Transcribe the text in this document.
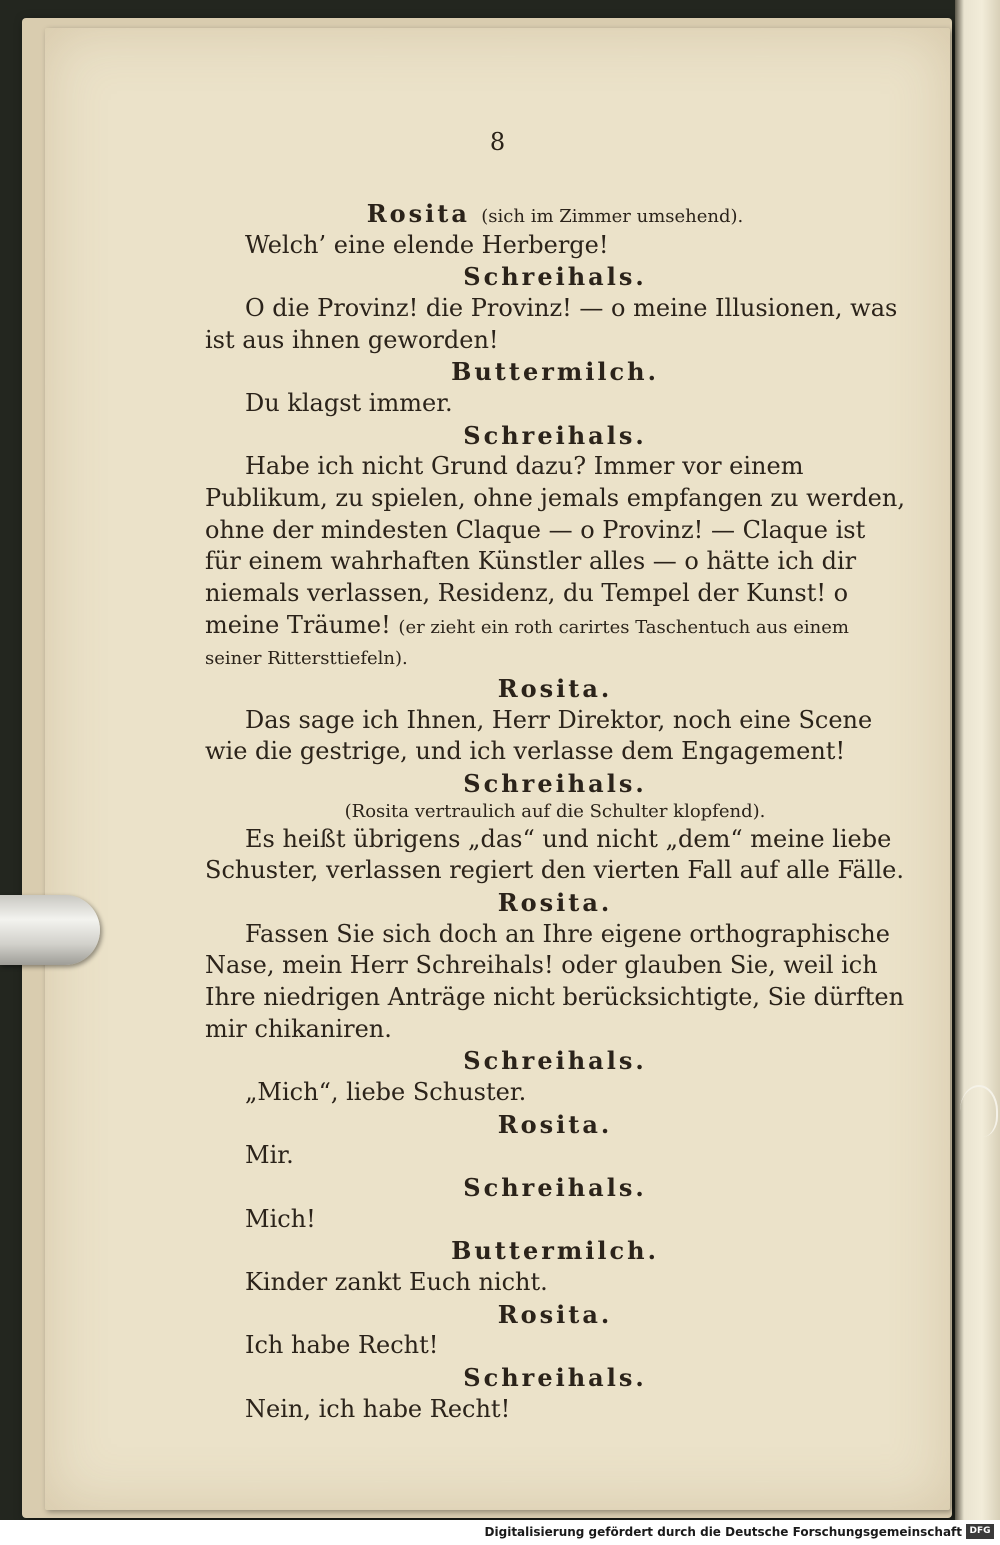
8
Rosita (sich im Zimmer umsehend).
Welch’ eine elende Herberge!
Schreihals.
O die Provinz! die Provinz! — o meine Illusionen, was ist aus ihnen geworden!
Buttermilch.
Du klagst immer.
Schreihals.
Habe ich nicht Grund dazu? Immer vor einem Publikum, zu spielen, ohne jemals empfangen zu werden, ohne der mindesten Claque — o Provinz! — Claque ist für einem wahrhaften Künstler alles — o hätte ich dir niemals verlassen, Residenz, du Tempel der Kunst! o meine Träume! (er zieht ein roth carirtes Taschentuch aus einem seiner Rittersttiefeln).
Rosita.
Das sage ich Ihnen, Herr Direktor, noch eine Scene wie die gestrige, und ich verlasse dem Engagement!
Schreihals.
(Rosita vertraulich auf die Schulter klopfend).
Es heißt übrigens „das“ und nicht „dem“ meine liebe Schuster, verlassen regiert den vierten Fall auf alle Fälle.
Rosita.
Fassen Sie sich doch an Ihre eigene orthographische Nase, mein Herr Schreihals! oder glauben Sie, weil ich Ihre niedrigen Anträge nicht berücksichtigte, Sie dürften mir chikaniren.
Schreihals.
„Mich“, liebe Schuster.
Rosita.
Mir.
Schreihals.
Mich!
Buttermilch.
Kinder zankt Euch nicht.
Rosita.
Ich habe Recht!
Schreihals.
Nein, ich habe Recht!
Digitalisierung gefördert durch die Deutsche Forschungsgemeinschaft DFG
